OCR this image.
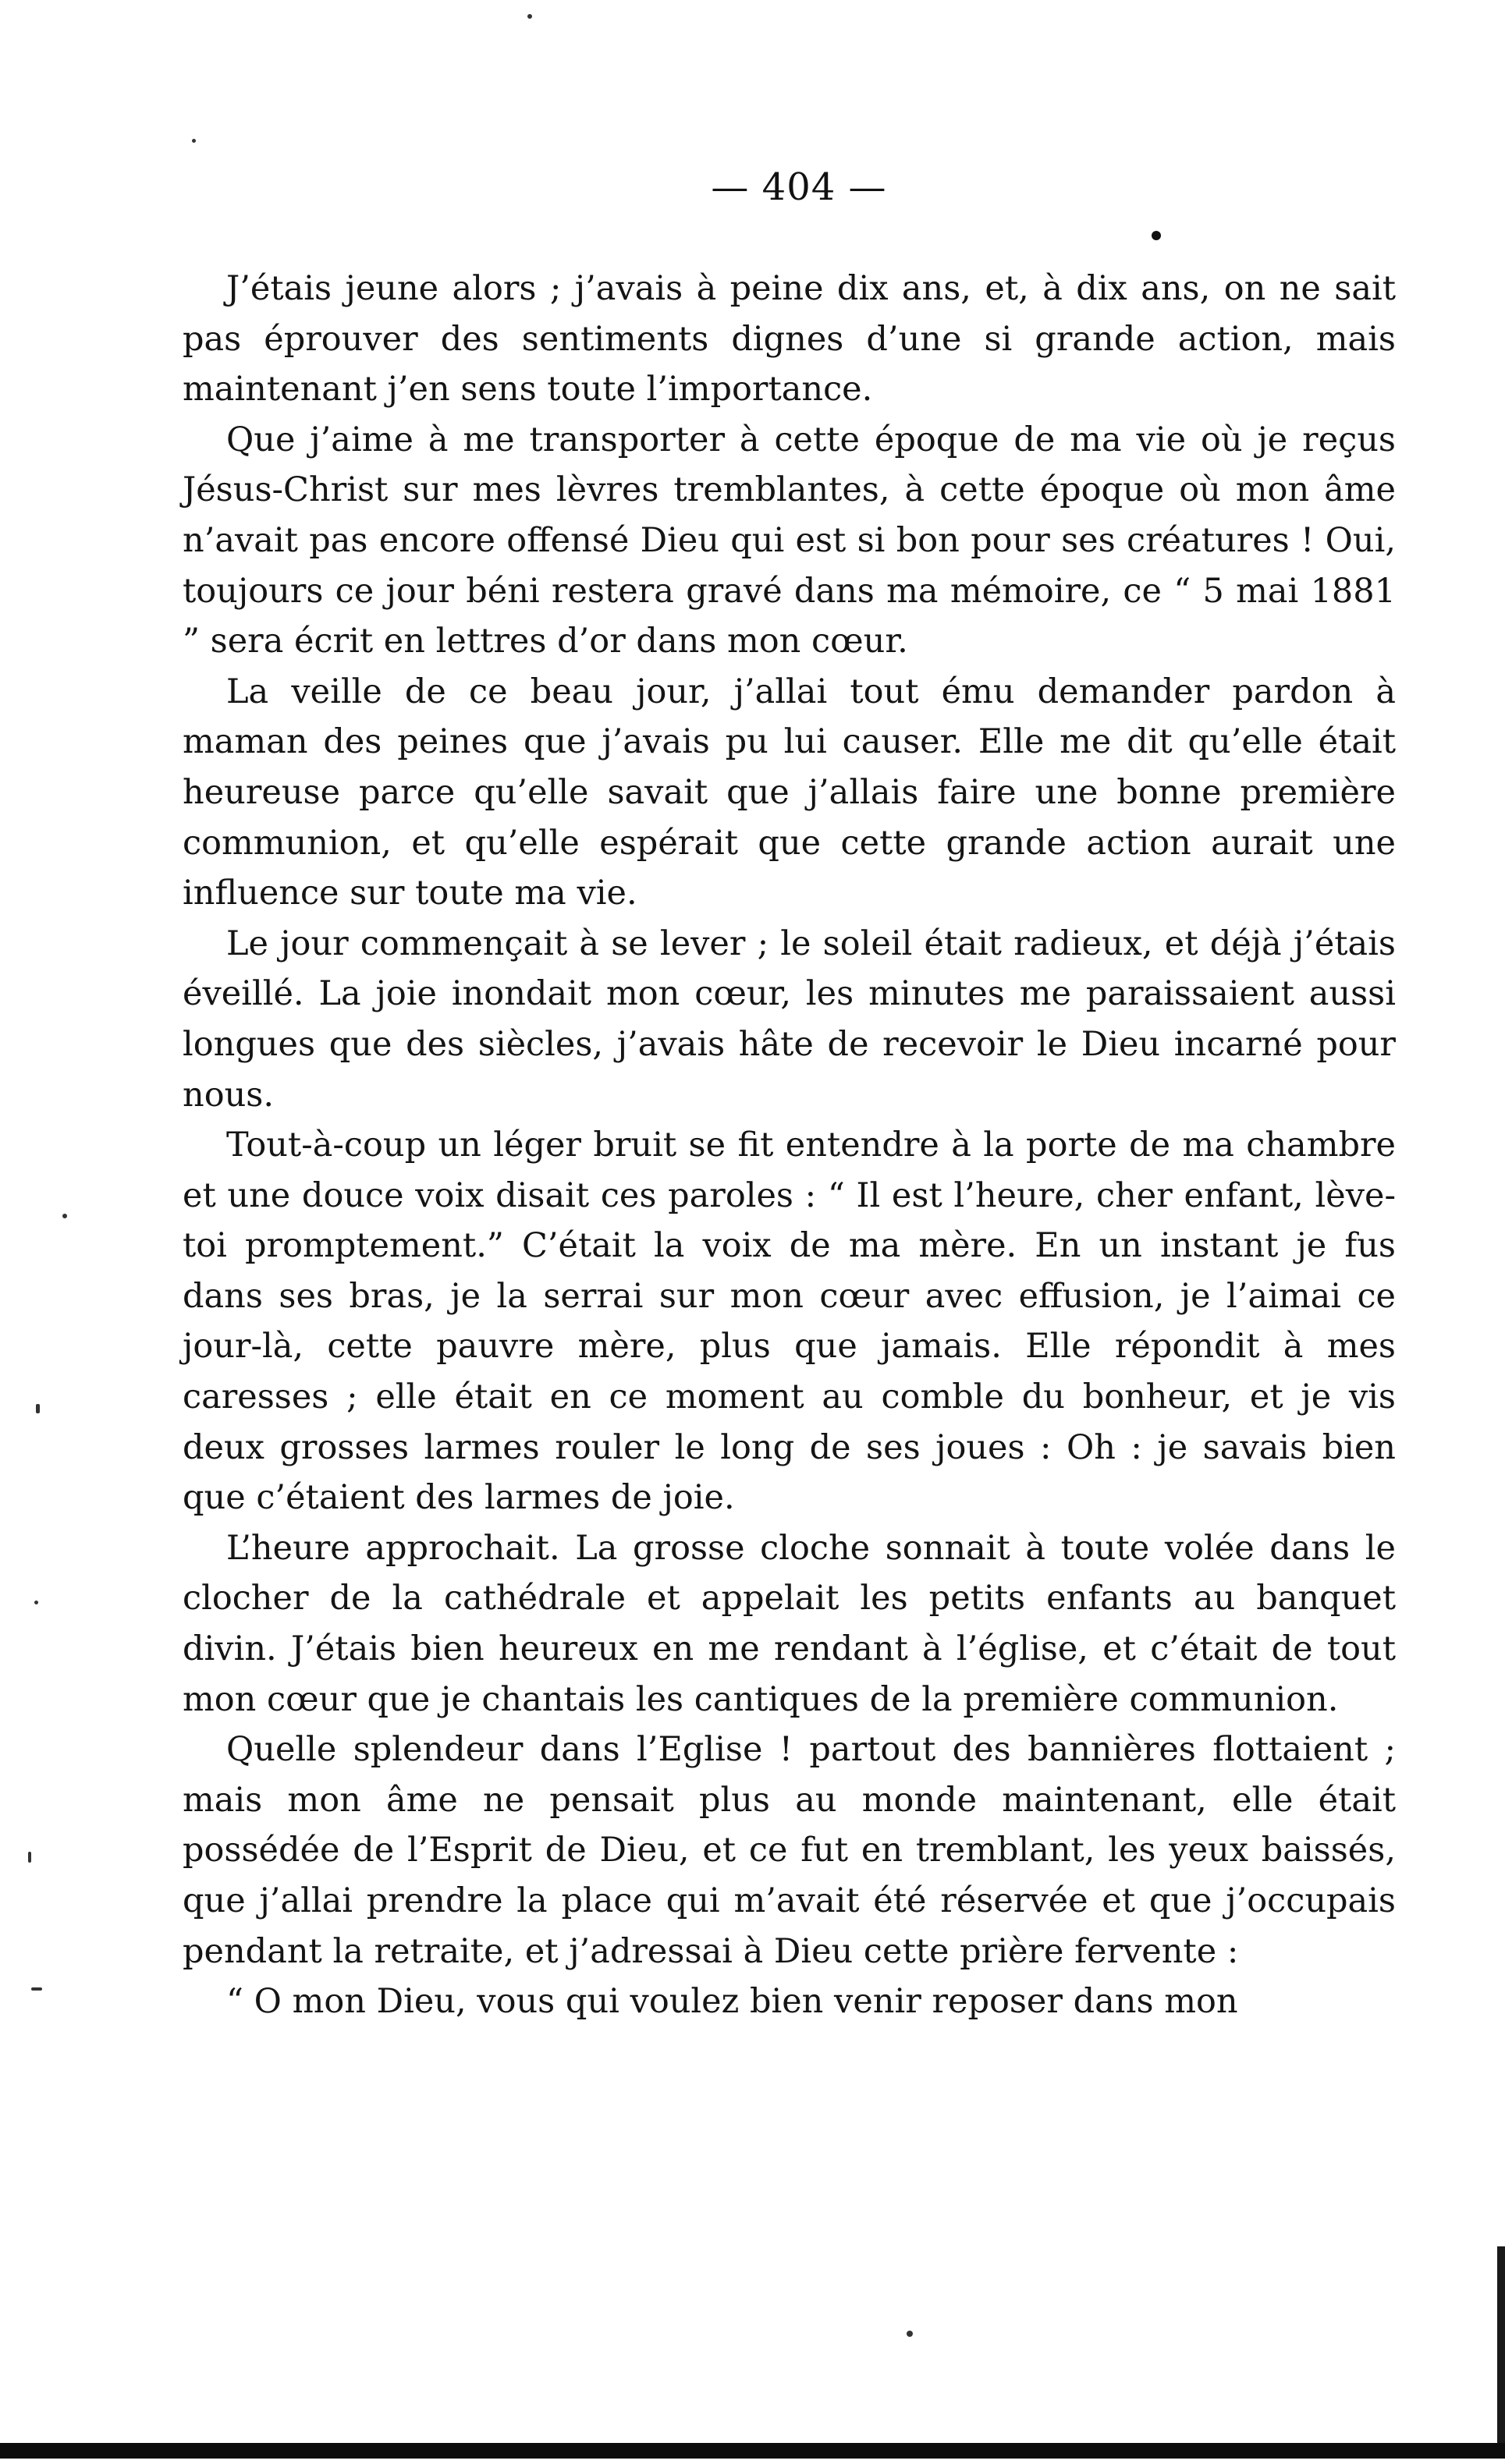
— 404 —

J’étais jeune alors ; j’avais à peine dix ans, et, à dix ans, on ne sait pas éprouver des sentiments dignes d’une si grande action, mais maintenant j’en sens toute l’importance.

Que j’aime à me transporter à cette époque de ma vie où je reçus Jésus-Christ sur mes lèvres tremblantes, à cette époque où mon âme n’avait pas encore offensé Dieu qui est si bon pour ses créatures ! Oui, toujours ce jour béni restera gravé dans ma mémoire, ce “ 5 mai 1881 ” sera écrit en lettres d’or dans mon cœur.

La veille de ce beau jour, j’allai tout ému demander pardon à maman des peines que j’avais pu lui causer. Elle me dit qu’elle était heureuse parce qu’elle savait que j’allais faire une bonne première communion, et qu’elle espérait que cette grande action aurait une influence sur toute ma vie.

Le jour commençait à se lever ; le soleil était radieux, et déjà j’étais éveillé. La joie inondait mon cœur, les minutes me paraissaient aussi longues que des siècles, j’avais hâte de recevoir le Dieu incarné pour nous.

Tout-à-coup un léger bruit se fit entendre à la porte de ma chambre et une douce voix disait ces paroles : “ Il est l’heure, cher enfant, lève-toi promptement.” C’était la voix de ma mère. En un instant je fus dans ses bras, je la serrai sur mon cœur avec effusion, je l’aimai ce jour-là, cette pauvre mère, plus que jamais. Elle répondit à mes caresses ; elle était en ce moment au comble du bonheur, et je vis deux grosses larmes rouler le long de ses joues : Oh : je savais bien que c’étaient des larmes de joie.

L’heure approchait. La grosse cloche sonnait à toute volée dans le clocher de la cathédrale et appelait les petits enfants au banquet divin. J’étais bien heureux en me rendant à l’église, et c’était de tout mon cœur que je chantais les cantiques de la première communion.

Quelle splendeur dans l’Eglise ! partout des bannières flottaient ; mais mon âme ne pensait plus au monde maintenant, elle était possédée de l’Esprit de Dieu, et ce fut en tremblant, les yeux baissés, que j’allai prendre la place qui m’avait été réservée et que j’occupais pendant la retraite, et j’adressai à Dieu cette prière fervente :

“ O mon Dieu, vous qui voulez bien venir reposer dans mon
